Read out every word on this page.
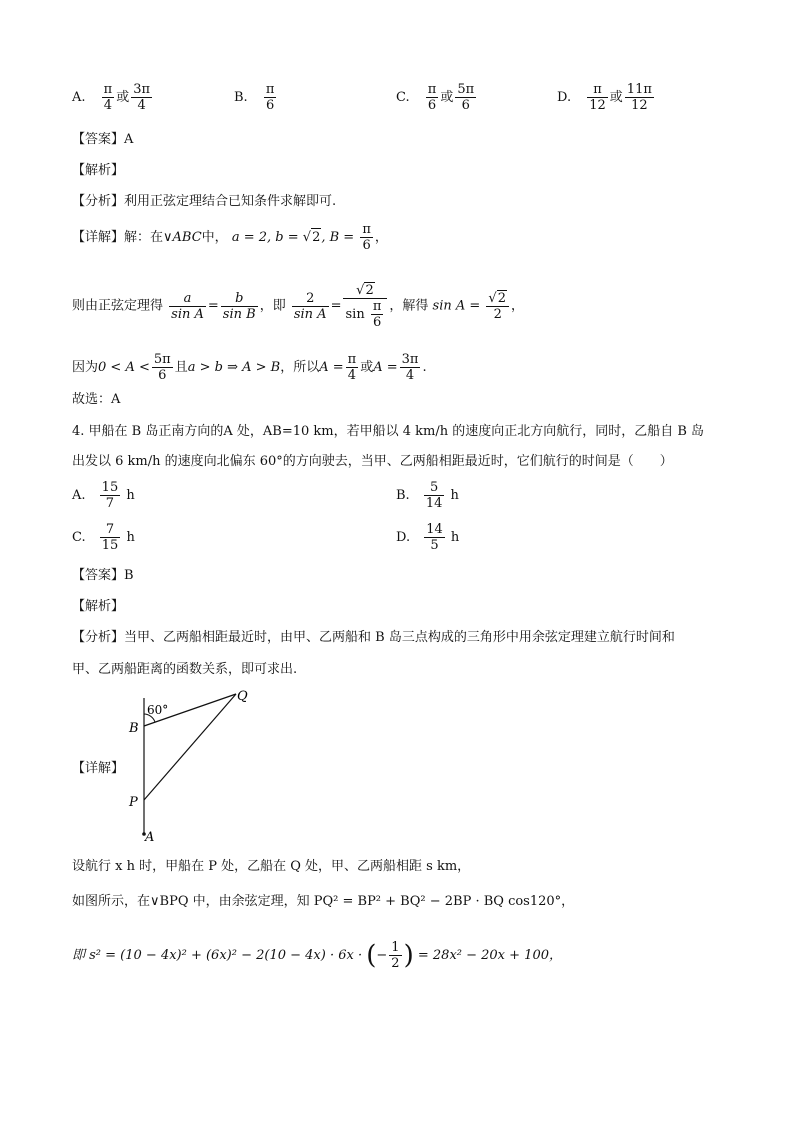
A. $\frac{\pi}{4}$ 或 $\frac{3\pi}{4}$	B. $\frac{\pi}{6}$	C. $\frac{\pi}{6}$ 或 $\frac{5\pi}{6}$	D. $\frac{\pi}{12}$ 或 $\frac{11\pi}{12}$
【答案】A
【解析】
【分析】利用正弦定理结合已知条件求解即可.
【详解】解：在∨ABC中， a = 2, b = √2, $B = \frac{\pi}{6}$ ，
则由正弦定理得 $\frac{a}{\text{sin A}} = \frac{b}{\text{sin B}}$ ，即 $\frac{2}{\text{sin A}} = \frac{√2}{\sin \frac{\pi}{6}}$ ，解得 $\sin A = \frac{√2}{2}$ ，
因为$0 < A < \frac{5\pi}{6}$ 且a > b ⇒ A > B，所以$A = \frac{\pi}{4}$ 或$A = \frac{3\pi}{4}$ .
故选：A
4. 甲船在 B 岛正南方向的A 处，AB=10 km，若甲船以 4 km/h 的速度向正北方向航行，同时，乙船自 B 岛
出发以 6 km/h 的速度向北偏东 60°的方向驶去，当甲、乙两船相距最近时，它们航行的时间是（　　）
A. $\frac{15}{7}$ h	B. $\frac{5}{14}$ h
C. $\frac{7}{15}$ h	D. $\frac{14}{5}$ h
【答案】B
【解析】
【分析】当甲、乙两船相距最近时，由甲、乙两船和 B 岛三点构成的三角形中用余弦定理建立航行时间和
甲、乙两船距离的函数关系，即可求出.
60°
Q
B
P
A
【详解】
设航行 x h 时，甲船在 P 处，乙船在 Q 处，甲、乙两船相距 s km，
如图所示，在∨BPQ 中，由余弦定理，知 PQ² = BP² + BQ² − 2BP · BQ cos120°，
即 s² = (10 − 4x)² + (6x)² − 2(10 − 4x) · 6x · (− $\frac{1}{2}$ ) = 28x² − 20x + 100，
